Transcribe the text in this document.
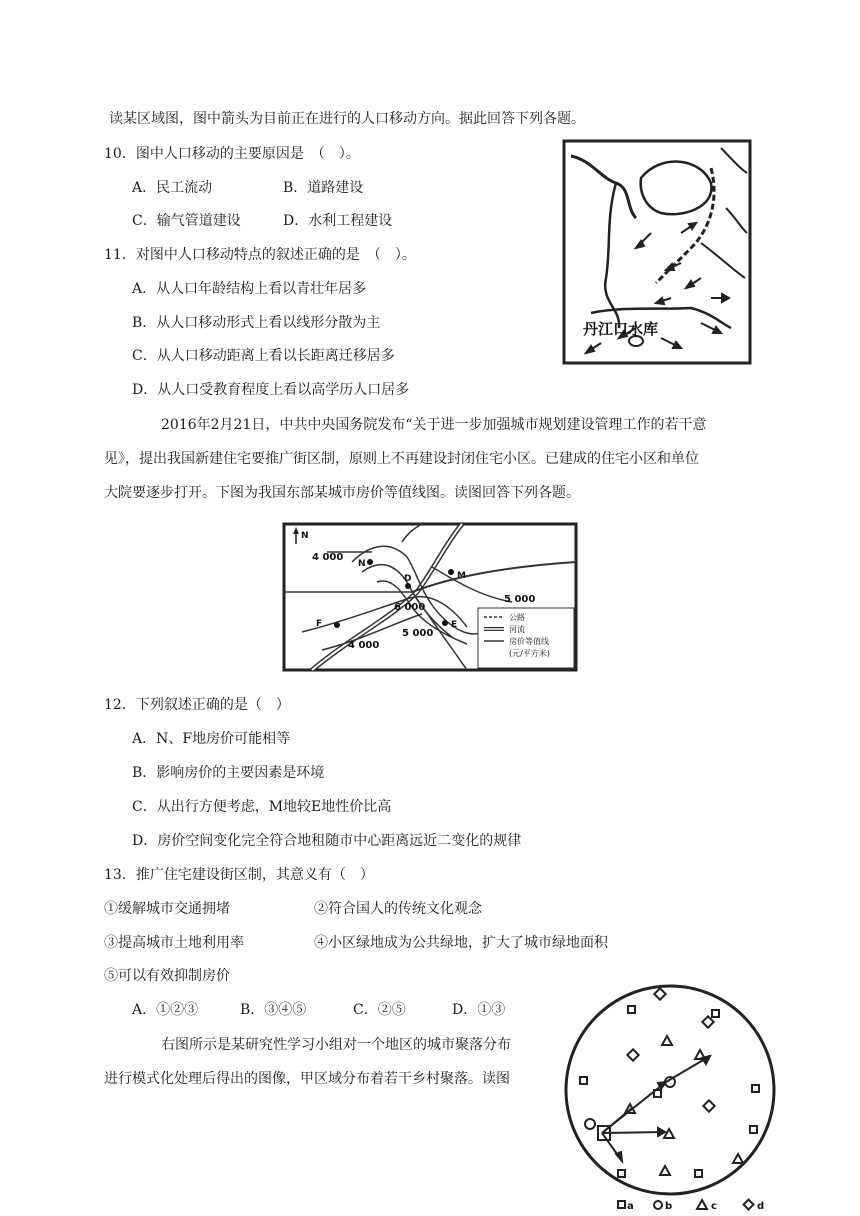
读某区域图，图中箭头为目前正在进行的人口移动方向。据此回答下列各题。
10．图中人口移动的主要原因是　（　）。
A．民工流动	B．道路建设
C．输气管道建设	D．水利工程建设
11．对图中人口移动特点的叙述正确的是　（　）。
A．从人口年龄结构上看以青壮年居多
B．从人口移动形式上看以线形分散为主
C．从人口移动距离上看以长距离迁移居多
D．从人口受教育程度上看以高学历人口居多
丹江口水库
2016年2月21日，中共中央国务院发布“关于进一步加强城市规划建设管理工作的若干意
见》，提出我国新建住宅要推广街区制，原则上不再建设封闭住宅小区。已建成的住宅小区和单位
大院要逐步打开。下图为我国东部某城市房价等值线图。读图回答下列各题。
N
4 000
5 000
6 000
5 000
4 000
N
D	M
F	E
公路
河流
房价等值线
(元/平方米)
12．下列叙述正确的是（　）
A．N、F地房价可能相等
B．影响房价的主要因素是环境
C．从出行方便考虑，M地较E地性价比高
D．房价空间变化完全符合地租随市中心距离远近二变化的规律
13．推广住宅建设街区制，其意义有（　）
①缓解城市交通拥堵	②符合国人的传统文化观念
③提高城市土地利用率	④小区绿地成为公共绿地，扩大了城市绿地面积
⑤可以有效抑制房价
A．①②③	B．③④⑤	C．②⑤	D．①③
右图所示是某研究性学习小组对一个地区的城市聚落分布
进行模式化处理后得出的图像，甲区域分布着若干乡村聚落。读图
a	b	c	d
